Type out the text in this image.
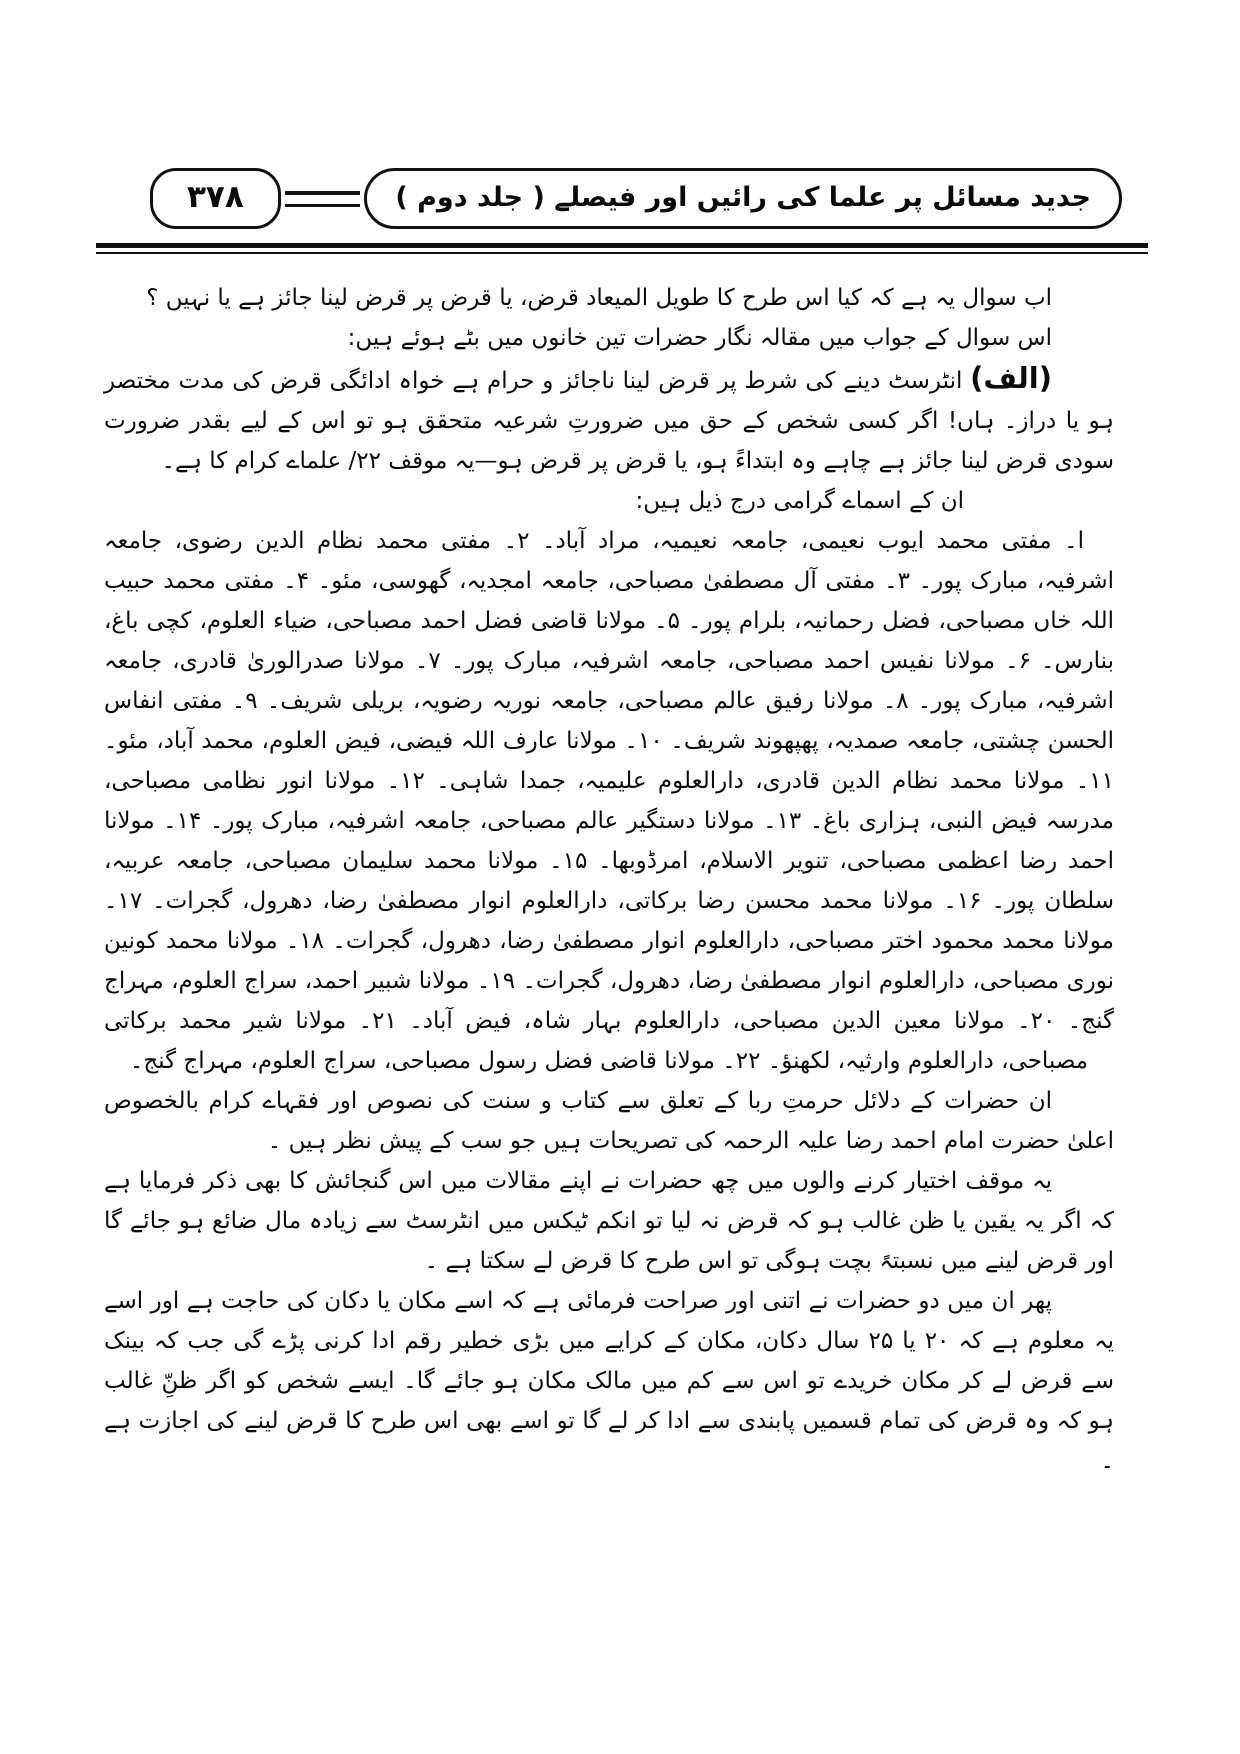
جدید مسائل پر علما کی رائیں اور فیصلے ( جلد دوم )
۳۷۸

اب سوال یہ ہے کہ کیا اس طرح کا طویل المیعاد قرض، یا قرض پر قرض لینا جائز ہے یا نہیں ؟

اس سوال کے جواب میں مقالہ نگار حضرات تین خانوں میں بٹے ہوئے ہیں:

(الف) انٹرسٹ دینے کی شرط پر قرض لینا ناجائز و حرام ہے خواہ ادائگی قرض کی مدت مختصر ہو یا دراز۔ ہاں! اگر کسی شخص کے حق میں ضرورتِ شرعیہ متحقق ہو تو اس کے لیے بقدر ضرورت سودی قرض لینا جائز ہے چاہے وہ ابتداءً ہو، یا قرض پر قرض ہو—یہ موقف ۲۲/ علماے کرام کا ہے۔

ان کے اسماے گرامی درج ذیل ہیں:

ا۔ مفتی محمد ایوب نعیمی، جامعہ نعیمیہ، مراد آباد۔ ۲۔ مفتی محمد نظام الدین رضوی، جامعہ اشرفیہ، مبارک پور۔ ۳۔ مفتی آل مصطفیٰ مصباحی، جامعہ امجدیہ، گھوسی، مئو۔ ۴۔ مفتی محمد حبیب اللہ خاں مصباحی، فضل رحمانیہ، بلرام پور۔ ۵۔ مولانا قاضی فضل احمد مصباحی، ضیاء العلوم، کچی باغ، بنارس۔ ۶۔ مولانا نفیس احمد مصباحی، جامعہ اشرفیہ، مبارک پور۔ ۷۔ مولانا صدرالوریٰ قادری، جامعہ اشرفیہ، مبارک پور۔ ۸۔ مولانا رفیق عالم مصباحی، جامعہ نوریہ رضویہ، بریلی شریف۔ ۹۔ مفتی انفاس الحسن چشتی، جامعہ صمدیہ، پھپھوند شریف۔ ۱۰۔ مولانا عارف اللہ فیضی، فیض العلوم، محمد آباد، مئو۔ ۱۱۔ مولانا محمد نظام الدین قادری، دارالعلوم علیمیہ، جمدا شاہی۔ ۱۲۔ مولانا انور نظامی مصباحی، مدرسہ فیض النبی، ہزاری باغ۔ ۱۳۔ مولانا دستگیر عالم مصباحی، جامعہ اشرفیہ، مبارک پور۔ ۱۴۔ مولانا احمد رضا اعظمی مصباحی، تنویر الاسلام، امرڈوبھا۔ ۱۵۔ مولانا محمد سلیمان مصباحی، جامعہ عربیہ، سلطان پور۔ ۱۶۔ مولانا محمد محسن رضا برکاتی، دارالعلوم انوار مصطفیٰ رضا، دھرول، گجرات۔ ۱۷۔ مولانا محمد محمود اختر مصباحی، دارالعلوم انوار مصطفیٰ رضا، دھرول، گجرات۔ ۱۸۔ مولانا محمد کونین نوری مصباحی، دارالعلوم انوار مصطفیٰ رضا، دھرول، گجرات۔ ۱۹۔ مولانا شبیر احمد، سراج العلوم، مہراج گنج۔ ۲۰۔ مولانا معین الدین مصباحی، دارالعلوم بہار شاہ، فیض آباد۔ ۲۱۔ مولانا شیر محمد برکاتی مصباحی، دارالعلوم وارثیہ، لکھنؤ۔ ۲۲۔ مولانا قاضی فضل رسول مصباحی، سراج العلوم، مہراج گنج۔

ان حضرات کے دلائل حرمتِ ربا کے تعلق سے کتاب و سنت کی نصوص اور فقہاے کرام بالخصوص اعلیٰ حضرت امام احمد رضا علیہ الرحمہ کی تصریحات ہیں جو سب کے پیش نظر ہیں ۔

یہ موقف اختیار کرنے والوں میں چھ حضرات نے اپنے مقالات میں اس گنجائش کا بھی ذکر فرمایا ہے کہ اگر یہ یقین یا ظن غالب ہو کہ قرض نہ لیا تو انکم ٹیکس میں انٹرسٹ سے زیادہ مال ضائع ہو جائے گا اور قرض لینے میں نسبتہً بچت ہوگی تو اس طرح کا قرض لے سکتا ہے ۔

پھر ان میں دو حضرات نے اتنی اور صراحت فرمائی ہے کہ اسے مکان یا دکان کی حاجت ہے اور اسے یہ معلوم ہے کہ ۲۰ یا ۲۵ سال دکان، مکان کے کرایے میں بڑی خطیر رقم ادا کرنی پڑے گی جب کہ بینک سے قرض لے کر مکان خریدے تو اس سے کم میں مالک مکان ہو جائے گا۔ ایسے شخص کو اگر ظنِّ غالب ہو کہ وہ قرض کی تمام قسمیں پابندی سے ادا کر لے گا تو اسے بھی اس طرح کا قرض لینے کی اجازت ہے ۔
